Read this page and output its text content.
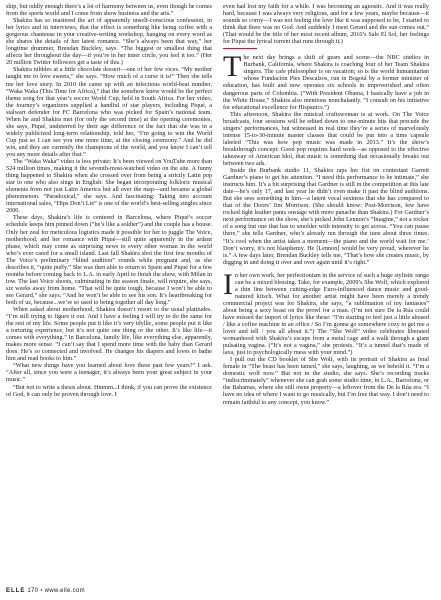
ship, but oddly enough there’s a lot of harmony between us, even though he comes from the sports world and I come from show business and the arts.”

Shakira has so mastered the art of apparently unself-conscious confession, in her lyrics and in interviews, that the effect is something like being coffee with a gorgeous chanteuse in your creative-writing workshop, hanging on every word as she shares the details of her latest romance. “She’s always been that way,” her longtime drummer, Brendan Buckley, says. “The biggest or smallest thing that affects her throughout the day—if you’re in her inner circle, you feel it too.” (Her 20 million Twitter followers get a taste of this.)

Shakira nibbles at a little chocolate dessert—one of her few vices. “My mother taught me to love sweets,” she says. “How much of a curse it is!” Then she tells me her love story. In 2010 the came up with an infectious world-beat number, “Waka Waka (This Time for Africa),” that the somehow knew would be the perfect theme song for that year’s soccer World Cup, held in South Africa. For her video, the tourney’s organizers supplied a handful of star players, including Piqué, a stalwart defender for FC Barcelona who was picked for Spain’s national team. When he and Shakira met (for only the second time) at the opening ceremonies, she says, Piqué, undeterred by their age difference or the fact that she was in a widely publicized long-term relationship, told her, “I’m going to win the World Cup just so I can see you one more time, at the closing ceremony.” And he did win, and they are currently the champions of the world, and you know I can’t tell you any more details after that.”

The “Waka Waka” video is less private: It’s been viewed on YouTube more than 524 million times, making it the seventh-most-watched video on the site. A funny thing happened to Shakira when she crossed over from being a strictly Latin pop star to one who also sings in English: She began incorporating folkloric musical elements from not just Latin America but all over the map—and became a global phenomenon. “Paradoxical,” she says. And fascinating: Taking into account international sales, “Hips Don’t Lie” is one of the world’s best-selling singles since 2000.

These days, Shakira’s life is centered in Barcelona, where Piqué’s soccer schedule keeps him pinned down (“he’s like a soldier”) and the couple has a house. Only her zeal for meticulous logistics made it possible for her to juggle The Voice, motherhood, and her romance with Piqué—still quite apparently in the ardent phase, which may come as surprising news to every other woman in the world who’s ever cared for a small island. Last fall Shakira shot the first few months of The Voice’s preliminary “blind audition” rounds while pregnant and, as she describes it, “quite puffy.” She was then able to return to Spain and Piqué for a few months before coming back to L.A. in early April to finish the show, with Milan in tow. The last Voice shoots, culminating in the season finale, will require, she says, six weeks away from home. “That will be quite tough, because I won’t be able to see Gerard,” she says. “And he won’t be able to see his son. It’s heartbreaking for both of us, because...we’re so used to being together all day long.”

When asked about motherhood, Shakira doesn’t resort to the usual platitudes. “I’m still trying to figure it out. And I have a feeling I will try to do the same for the rest of my life. Some people put it like it’s very idyllic, some people put it like a torturing experience, but it’s not quite one thing or the other. It’s like life—it comes with everything.” In Barcelona, family life, like everything else, apparently, makes more sense. “I can’t say that I spend more time with the baby than Gerard does. He’s so connected and involved. He changes his diapers and loves to bathe him and read books to him.”

“What new things have you learned about love these past few years?” I ask. “After all, since you were a teenager, it’s always been your great subject in your music.”

“But not to write a thesis about. Hmmm...I think, if you can prove the existence of God, it can only be proven through love. I

even had lost my faith for a while. I was becoming an agnostic. And it was really hard, because I was always very religious, and for a few years, maybe because—it sounds so corny—I was not feeling the love like it was supposed to be, I started to think that there was no God. And suddenly I meet Gerard and the sun comes out.” (That would be the title of her most recent album, 2010’s Sale El Sol, her feelings for Piqué the lyrical torrent that runs through it.)

The next day brings a shift of gears and scene—the NBC studios in Burbank, California, where Shakira is coaching four of her Team Shakira singers. The cafe philosopher is on vacation; so is the world humanitarian whose Fundación Pies Descalzos, run in Bogotá by a former minister of education, has built and now operates six schools in impoverished and often dangerous parts of Colombia. (“With President Obama, I basically have a job in the White House,” Shakira also mentions nonchalantly. “I consult on his initiative for educational excellence for Hispanics.”)

This afternoon, Shakira the musical craftswoman is at work. On The Voice broadcasts, four sessions will be edited down to one-minute bits that precede the singers’ performances, but witnessed in real time they’re a series of marvelously intense 15-to-30-minute master classes that could be put into a time capsule labeled “This was how pop music was made in 2013.” It’s the show’s breakthrough concept: Good pop requires hard work—as opposed to the effective takeaway of American Idol, that music is something that occasionally breaks out between two ads.

Inside the Burbank studio 11, Shakira raps her fist on contestant Garrett Gardner’s piano to get his attention. “I need this performance to be intimate,” she instructs him. It’s a bit surprising that Gardner is still in the competition at this late date—he’s only 17, and last year he didn’t even make it past the blind auditions. But she sees something in him—a latent vocal sexiness that she has compared to that of the Doors’ Jim Morrison. (She should know: Post-Morrison, few have rocked tight leather pants onstage with more panache than Shakira.) For Gardner’s next performance on the show, she’s picked John Lennon’s “Imagine,” not a rocker of a song but one that has to smolder with intensity to get across. “You can pause there,” she tells Gardner, who’s already run through the tune about three times. “It’s cool when the artist takes a moment—the piano and the world wait for me.’ Don’t worry, it’s not blasphemy. He [Lennon] would be very proud, wherever he is.” A few days later, Brendan Buckley tells me, “That’s how she creates music, by digging in and doing it over and over again until it’s right.”

In her own work, her perfectionism in the service of such a huge stylistic range can be a mixed blessing. Take, for example, 2009’s She Wolf, which explored a thin line between cutting-edge Euro-influenced dance music and good-natured kitsch. What for another artist might have been merely a trendy commercial project was for Shakira, she says, “a sublimation of my fantasies” about being a sexy beast on the prowl for a man. (I’m not sure De la Rúa could have missed the import of lyrics like these: “I’m starting to feel just a little abused / like a coffee machine in an office / So I’m gonna go somewhere cozy to get me a lover and tell / you all about it.”) The “She Wolf” video celebrates liberated womanhood with Shakira’s escape from a metal cage and a walk through a giant pulsating vagina. (“It’s not a vagina,” she protests. “It’s a tunnel that’s made of lava, just to psychologically mess with your mind.”)

I pull out the CD booklet of She Wolf, with its portrait of Shakira as feral female in “The beast has been tamed,” she says, laughing, as we behold it. “I’m a domestic wolf now.” But not in the studio, she says. She’s recording tracks “indiscriminately” whenever she can grab some studio time, in L.A., Barcelona, or the Bahamas, where she still owns property—a leftover from the De la Rúa era. “I have no idea of where I want to go musically, but I’m free that way. I don’t need to remain faithful to any concept, you know.”

ELLE 170 ▪ www.elle.com
